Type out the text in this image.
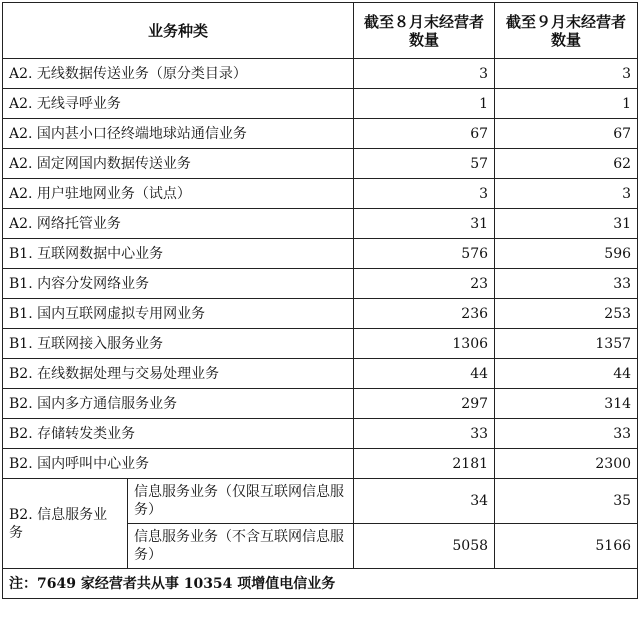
业务种类		截至８月末经营者数量	截至９月末经营者数量
A2. 无线数据传送业务（原分类目录）		3	3
A2. 无线寻呼业务		1	1
A2. 国内甚小口径终端地球站通信业务		67	67
A2. 固定网国内数据传送业务		57	62
A2. 用户驻地网业务（试点）		3	3
A2. 网络托管业务		31	31
B1. 互联网数据中心业务		576	596
B1. 内容分发网络业务		23	33
B1. 国内互联网虚拟专用网业务		236	253
B1. 互联网接入服务业务		1306	1357
B2. 在线数据处理与交易处理业务		44	44
B2. 国内多方通信服务业务		297	314
B2. 存储转发类业务		33	33
B2. 国内呼叫中心业务		2181	2300
B2. 信息服务业务	信息服务业务（仅限互联网信息服务）	34	35
	信息服务业务（不含互联网信息服务）	5058	5166
注：7649 家经营者共从事 10354 项增值电信业务			
